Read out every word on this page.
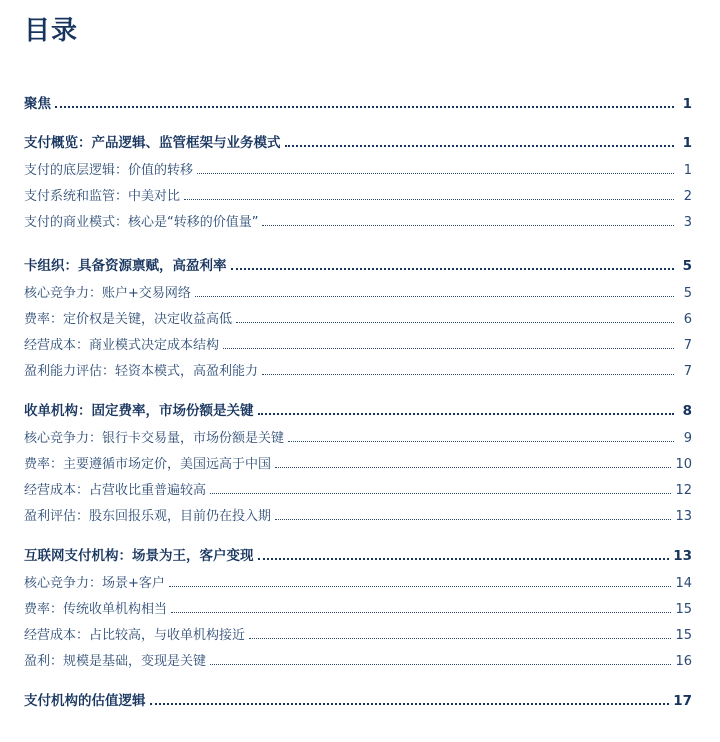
目录
聚焦	1
支付概览：产品逻辑、监管框架与业务模式	1
支付的底层逻辑：价值的转移	1
支付系统和监管：中美对比	2
支付的商业模式：核心是“转移的价值量”	3
卡组织：具备资源禀赋，高盈利率	5
核心竞争力：账户+交易网络	5
费率：定价权是关键，决定收益高低	6
经营成本：商业模式决定成本结构	7
盈利能力评估：轻资本模式，高盈利能力	7
收单机构：固定费率，市场份额是关键	8
核心竞争力：银行卡交易量，市场份额是关键	9
费率：主要遵循市场定价，美国远高于中国	10
经营成本：占营收比重普遍较高	12
盈利评估：股东回报乐观，目前仍在投入期	13
互联网支付机构：场景为王，客户变现	13
核心竞争力：场景+客户	14
费率：传统收单机构相当	15
经营成本：占比较高，与收单机构接近	15
盈利：规模是基础，变现是关键	16
支付机构的估值逻辑	17
